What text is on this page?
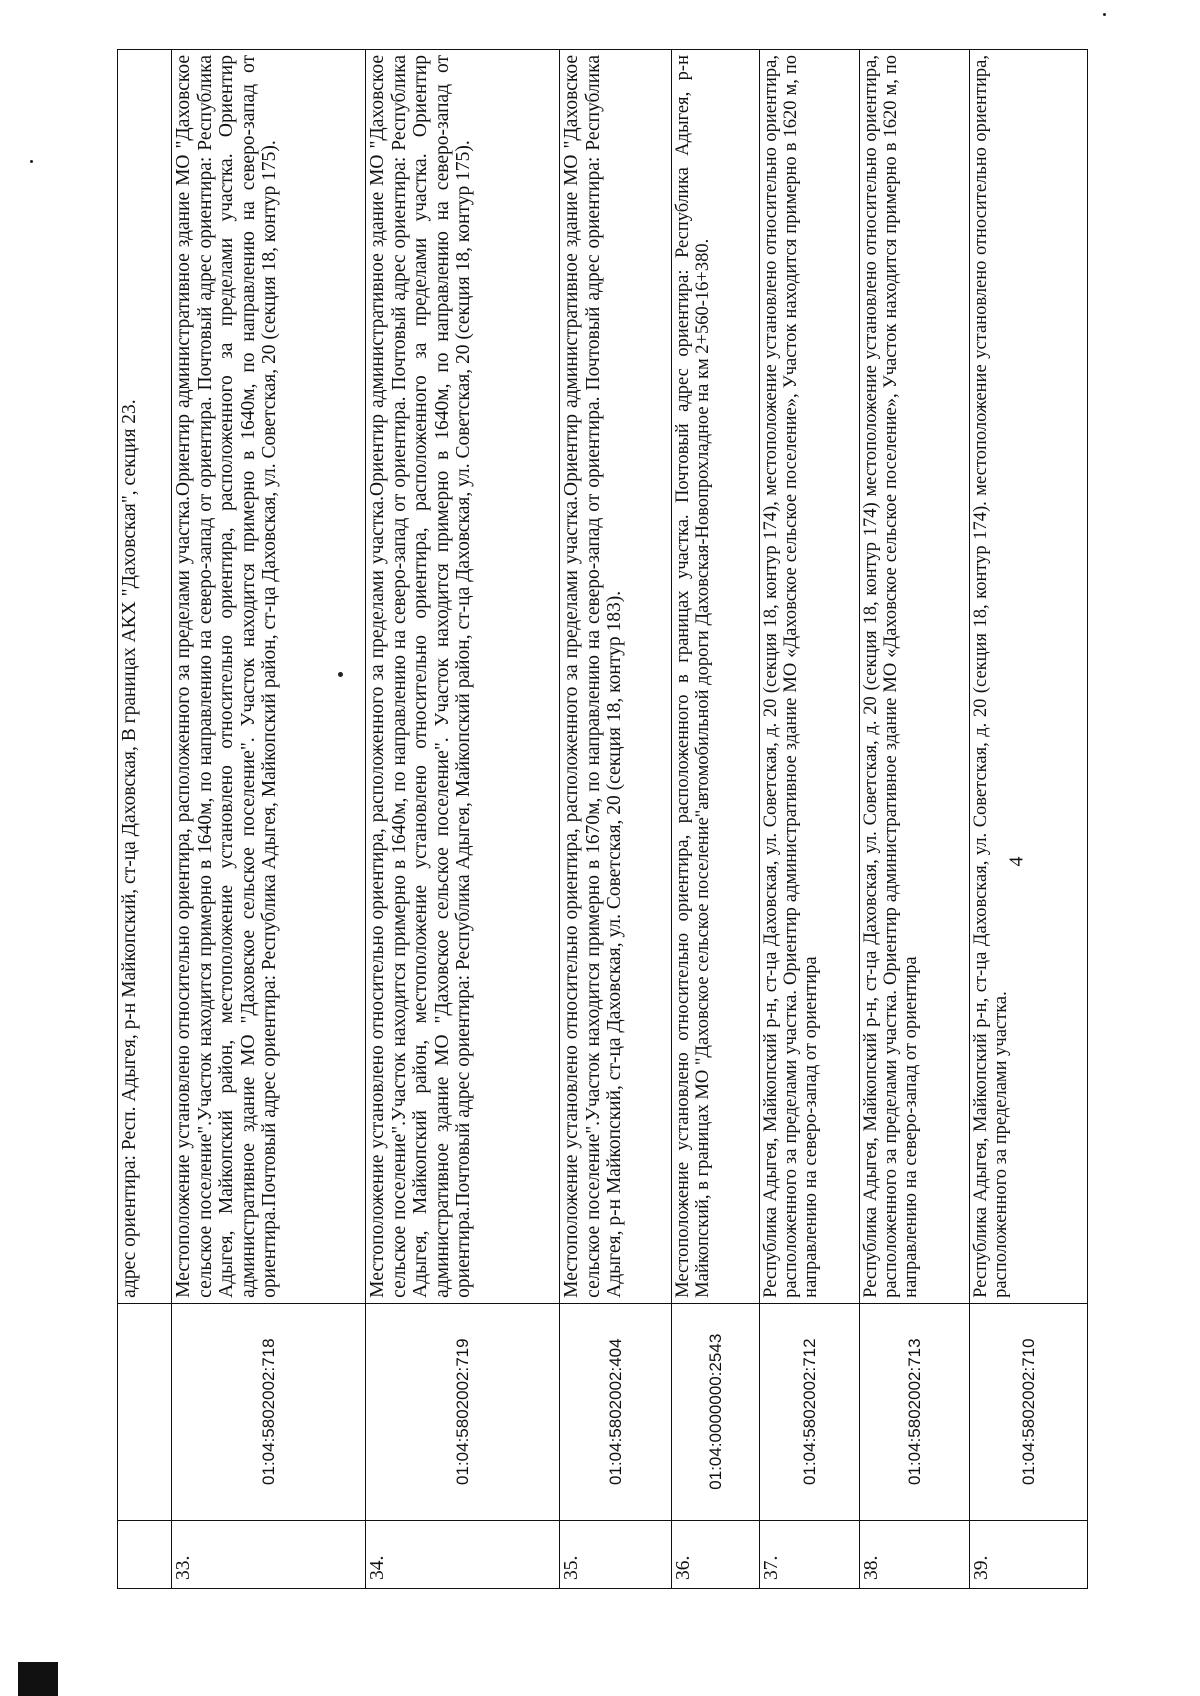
		адрес ориентира: Респ. Адыгея, р-н Майкопский, ст-ца Даховская, В границах АКХ "Даховская", секция 23.
33.	01:04:5802002:718	Местоположение установлено относительно ориентира, расположенного за пределами участка.Ориентир административное здание МО "Даховское сельское поселение".Участок находится примерно в 1640м, по направлению на северо-запад от ориентира. Почтовый адрес ориентира: Республика Адыгея, Майкопский район, местоположение установлено относительно ориентира, расположенного за пределами участка. Ориентир административное здание МО "Даховское сельское поселение". Участок находится примерно в 1640м, по направлению на северо-запад от ориентира.Почтовый адрес ориентира: Республика Адыгея, Майкопский район, ст-ца Даховская, ул. Советская, 20 (секция 18, контур 175).
34.	01:04:5802002:719	Местоположение установлено относительно ориентира, расположенного за пределами участка.Ориентир административное здание МО "Даховское сельское поселение".Участок находится примерно в 1640м, по направлению на северо-запад от ориентира. Почтовый адрес ориентира: Республика Адыгея, Майкопский район, местоположение установлено относительно ориентира, расположенного за пределами участка. Ориентир административное здание МО "Даховское сельское поселение". Участок находится примерно в 1640м, по направлению на северо-запад от ориентира.Почтовый адрес ориентира: Республика Адыгея, Майкопский район, ст-ца Даховская, ул. Советская, 20 (секция 18, контур 175).
35.	01:04:5802002:404	Местоположение установлено относительно ориентира, расположенного за пределами участка.Ориентир административное здание МО "Даховское сельское поселение".Участок находится примерно в 1670м, по направлению на северо-запад от ориентира. Почтовый адрес ориентира: Республика Адыгея, р-н Майкопский, ст-ца Даховская, ул. Советская, 20 (секция 18, контур 183).
36.	01:04:0000000:2543	Местоположение установлено относительно ориентира, расположенного в границах участка. Почтовый адрес ориентира: Республика Адыгея, р-н Майкопский, в границах МО "Даховское сельское поселение"автомобильной дороги Даховская-Новопрохладное на км 2+560-16+380.
37.	01:04:5802002:712	Республика Адыгея, Майкопский р-н, ст-ца Даховская, ул. Советская, д. 20 (секция 18, контур 174), местоположение установлено относительно ориентира, расположенного за пределами участка. Ориентир административное здание МО «Даховское сельское поселение», Участок находится примерно в 1620 м, по направлению на северо-запад от ориентира
38.	01:04:5802002:713	Республика Адыгея, Майкопский р-н, ст-ца Даховская, ул. Советская, д. 20 (секция 18, контур 174) местоположение установлено относительно ориентира, расположенного за пределами участка. Ориентир административное здание МО «Даховское сельское поселение», Участок находится примерно в 1620 м, по направлению на северо-запад от ориентира
39.	01:04:5802002:710	Республика Адыгея, Майкопский р-н, ст-ца Даховская, ул. Советская, д. 20 (секция 18, контур 174). местоположение установлено относительно ориентира, расположенного за пределами участка.
4
